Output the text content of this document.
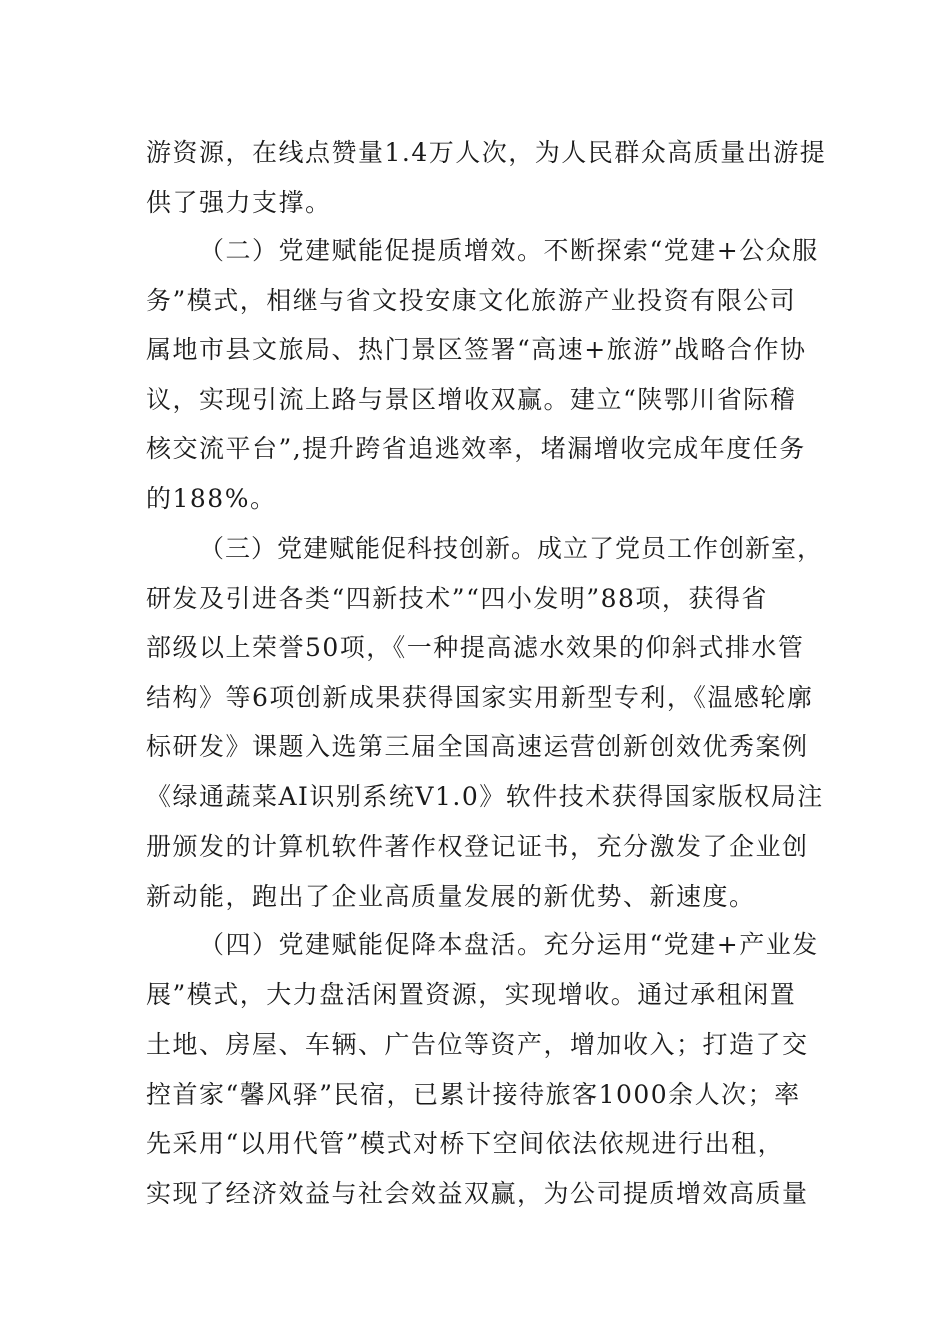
游资源，在线点赞量1.4万人次，为人民群众高质量出游提
供了强力支撑。
（二）党建赋能促提质增效。不断探索“党建+公众服
务”模式，相继与省文投安康文化旅游产业投资有限公司
属地市县文旅局、热门景区签署“高速+旅游”战略合作协
议，实现引流上路与景区增收双赢。建立“陕鄂川省际稽
核交流平台”,提升跨省追逃效率，堵漏增收完成年度任务
的188%。
（三）党建赋能促科技创新。成立了党员工作创新室，
研发及引进各类“四新技术”“四小发明”88项，获得省
部级以上荣誉50项，《一种提高滤水效果的仰斜式排水管
结构》等6项创新成果获得国家实用新型专利，《温感轮廓
标研发》课题入选第三届全国高速运营创新创效优秀案例
《绿通蔬菜AI识别系统V1.0》软件技术获得国家版权局注
册颁发的计算机软件著作权登记证书，充分激发了企业创
新动能，跑出了企业高质量发展的新优势、新速度。
（四）党建赋能促降本盘活。充分运用“党建+产业发
展”模式，大力盘活闲置资源，实现增收。通过承租闲置
土地、房屋、车辆、广告位等资产，增加收入；打造了交
控首家“馨风驿”民宿，已累计接待旅客1000余人次；率
先采用“以用代管”模式对桥下空间依法依规进行出租，
实现了经济效益与社会效益双赢，为公司提质增效高质量
